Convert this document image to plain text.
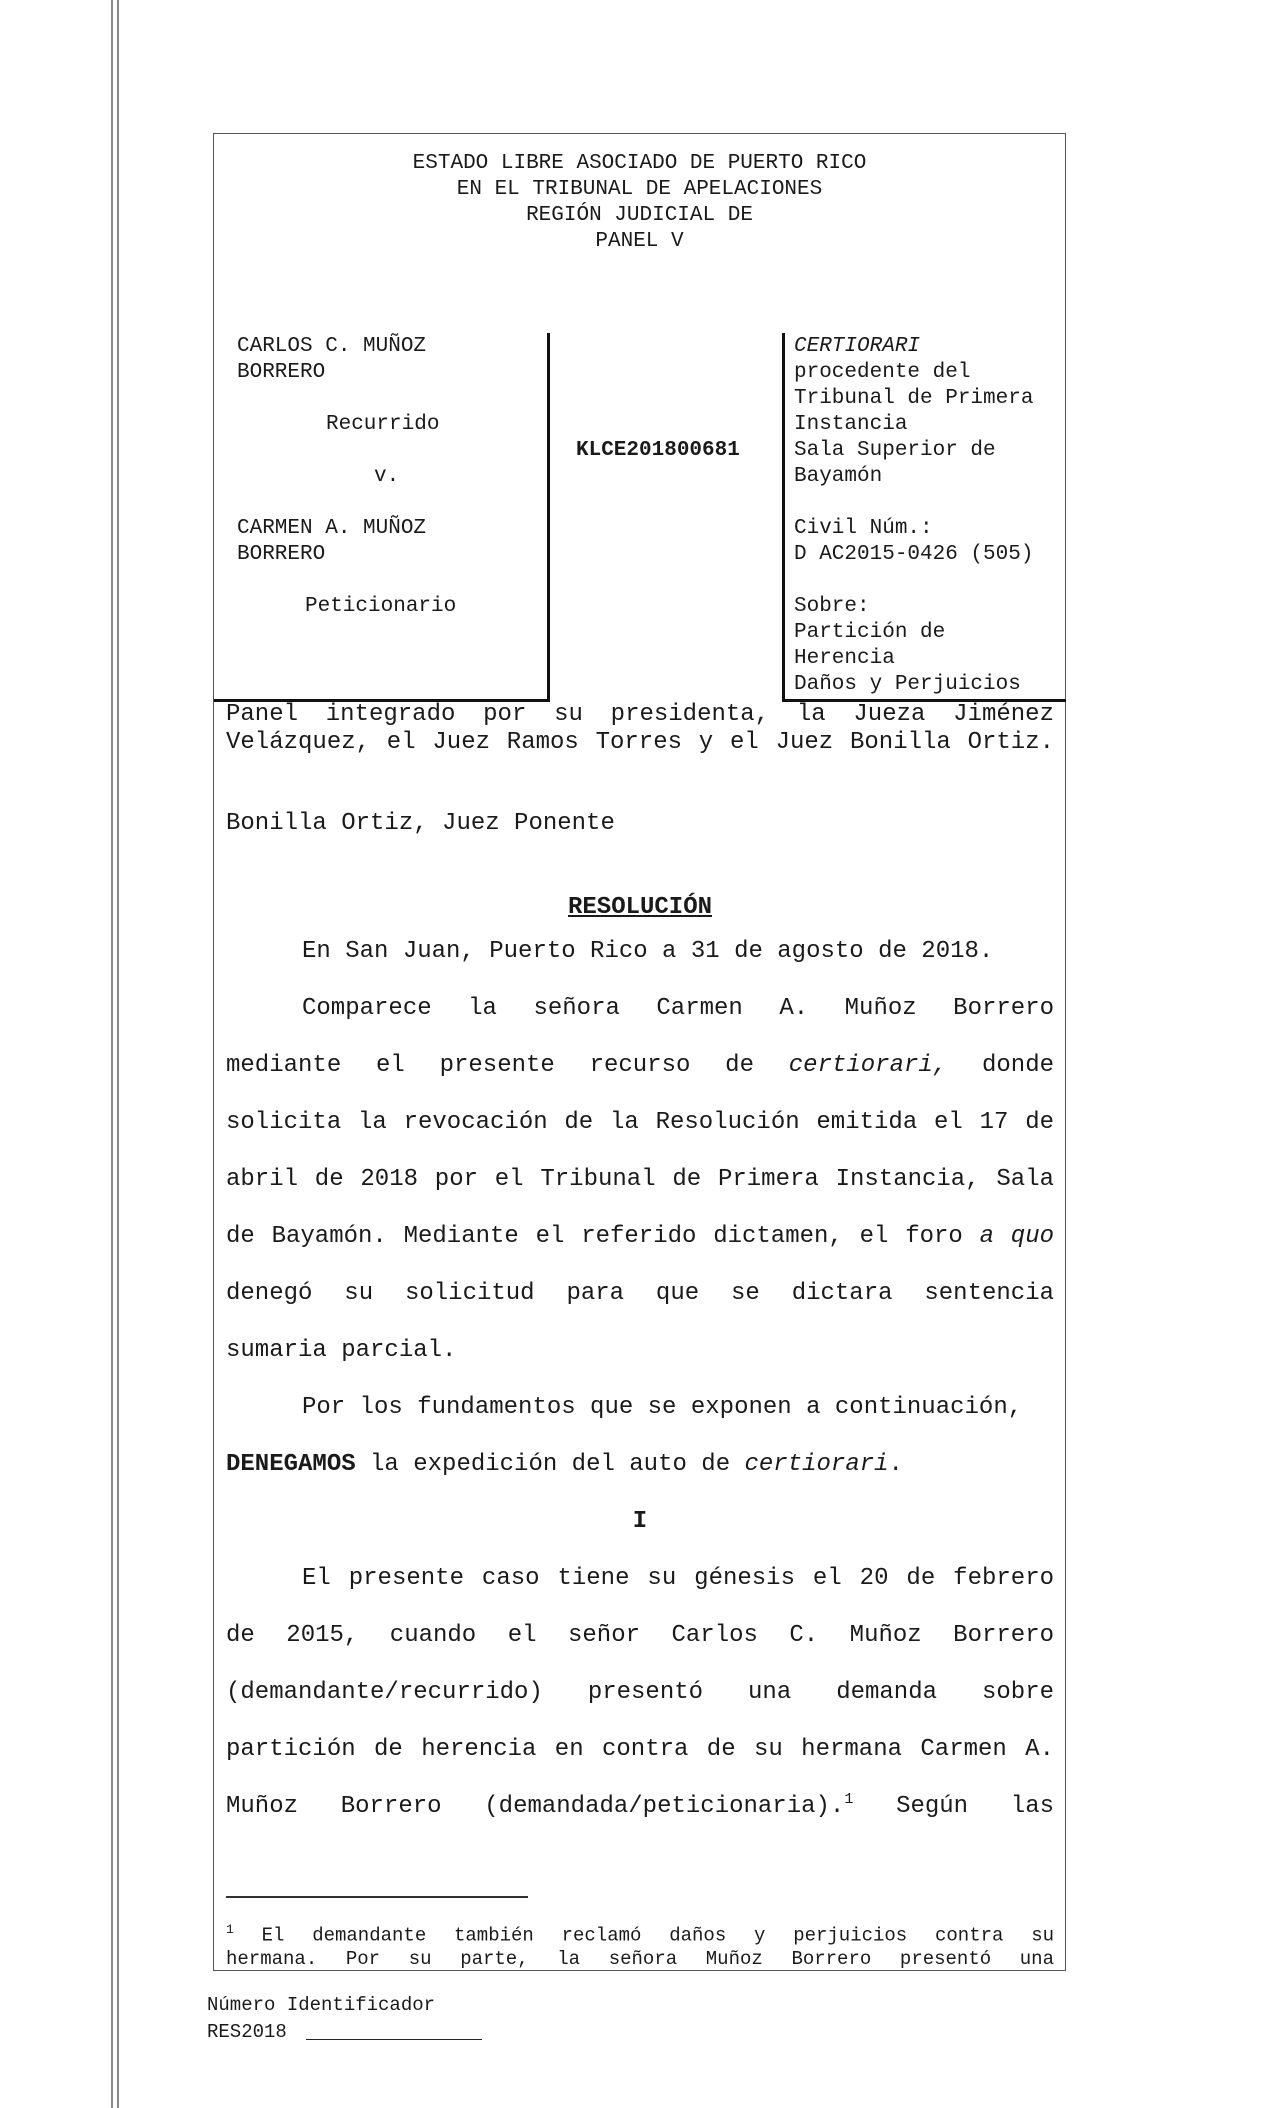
ESTADO LIBRE ASOCIADO DE PUERTO RICO
EN EL TRIBUNAL DE APELACIONES
REGIÓN JUDICIAL DE
PANEL V
CARLOS C. MUÑOZ
BORRERO
Recurrido
v.
CARMEN A. MUÑOZ
BORRERO
Peticionario
KLCE201800681
CERTIORARI
procedente del
Tribunal de Primera
Instancia
Sala Superior de
Bayamón
Civil Núm.:
D AC2015-0426 (505)
Sobre:
Partición de
Herencia
Daños y Perjuicios
Panel integrado por su presidenta, la Jueza Jiménez
Velázquez, el Juez Ramos Torres y el Juez Bonilla Ortiz.
Bonilla Ortiz, Juez Ponente
RESOLUCIÓN
En San Juan, Puerto Rico a 31 de agosto de 2018.
Comparece la señora Carmen A. Muñoz Borrero
mediante el presente recurso de certiorari, donde
solicita la revocación de la Resolución emitida el 17 de
abril de 2018 por el Tribunal de Primera Instancia, Sala
de Bayamón. Mediante el referido dictamen, el foro a quo
denegó su solicitud para que se dictara sentencia
sumaria parcial.
Por los fundamentos que se exponen a continuación,
DENEGAMOS la expedición del auto de certiorari.
I
El presente caso tiene su génesis el 20 de febrero
de 2015, cuando el señor Carlos C. Muñoz Borrero
(demandante/recurrido) presentó una demanda sobre
partición de herencia en contra de su hermana Carmen A.
Muñoz Borrero (demandada/peticionaria).$^1$ Según las
$^1$ El demandante también reclamó daños y perjuicios contra su
hermana. Por su parte, la señora Muñoz Borrero presentó una
Número Identificador
RES2018
